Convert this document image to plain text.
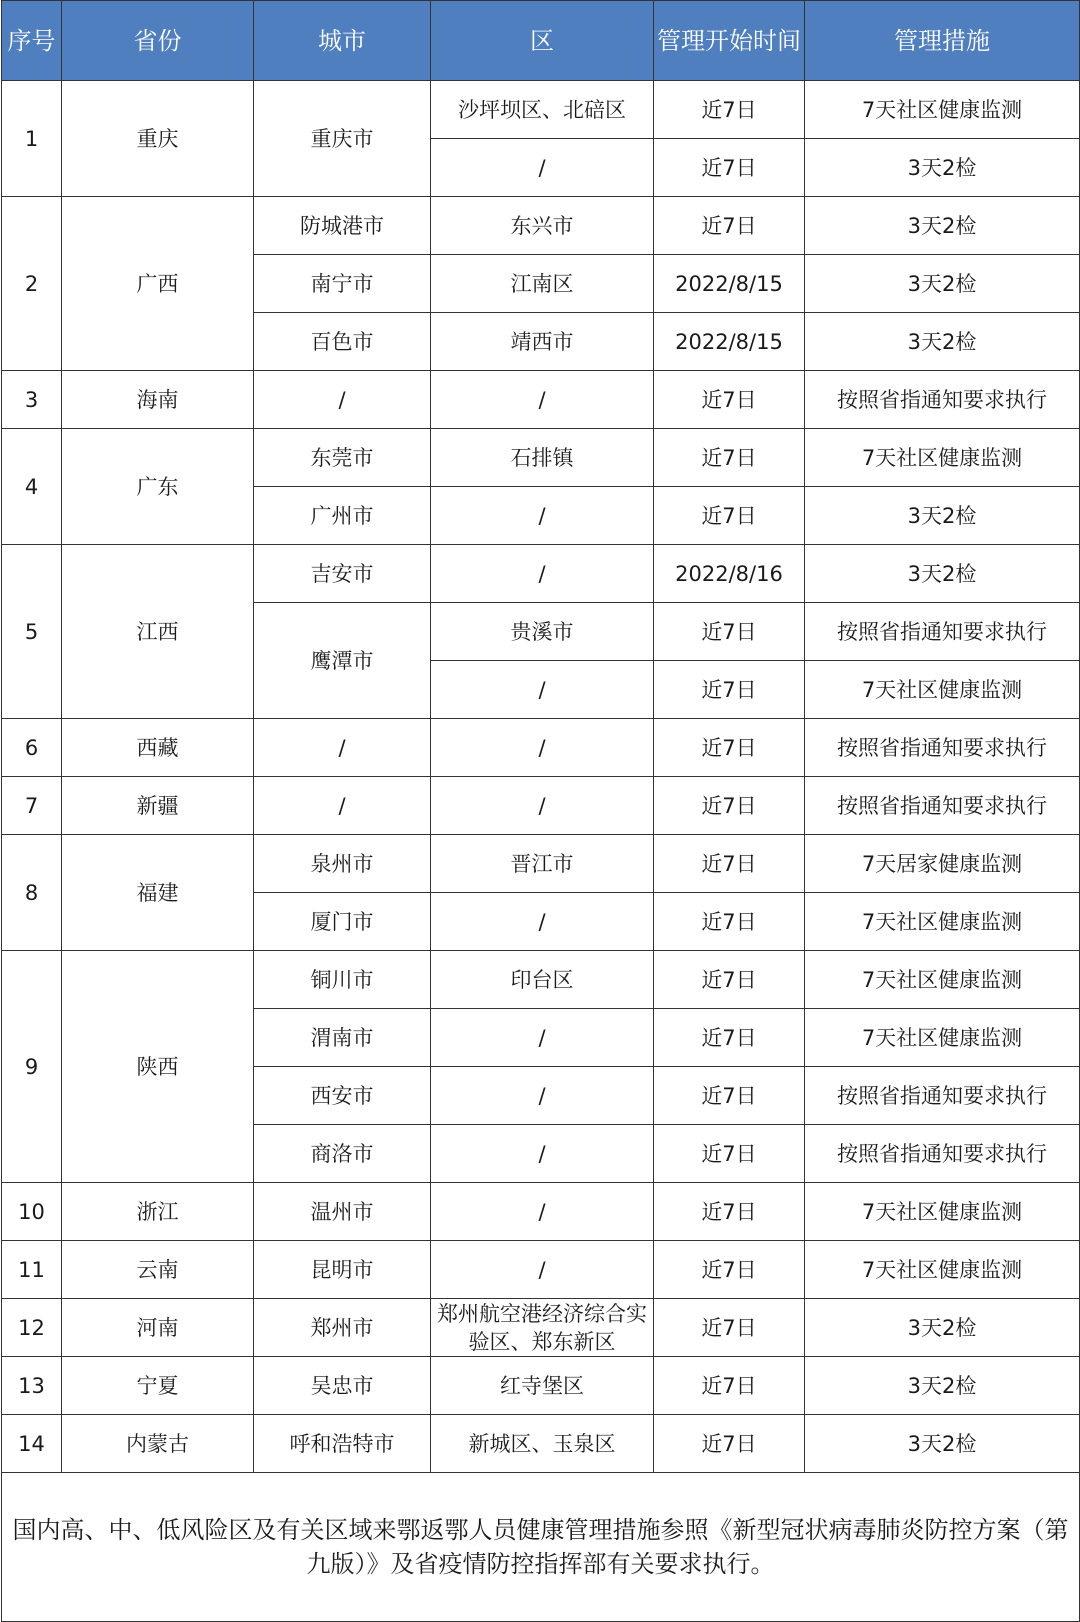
序号	省份	城市	区	管理开始时间	管理措施
1	重庆	重庆市	沙坪坝区、北碚区	近7日	7天社区健康监测
			/	近7日	3天2检
2	广西	防城港市	东兴市	近7日	3天2检
		南宁市	江南区	2022/8/15	3天2检
		百色市	靖西市	2022/8/15	3天2检
3	海南	/	/	近7日	按照省指通知要求执行
4	广东	东莞市	石排镇	近7日	7天社区健康监测
		广州市	/	近7日	3天2检
5	江西	吉安市	/	2022/8/16	3天2检
		鹰潭市	贵溪市	近7日	按照省指通知要求执行
			/	近7日	7天社区健康监测
6	西藏	/	/	近7日	按照省指通知要求执行
7	新疆	/	/	近7日	按照省指通知要求执行
8	福建	泉州市	晋江市	近7日	7天居家健康监测
		厦门市	/	近7日	7天社区健康监测
9	陕西	铜川市	印台区	近7日	7天社区健康监测
		渭南市	/	近7日	7天社区健康监测
		西安市	/	近7日	按照省指通知要求执行
		商洛市	/	近7日	按照省指通知要求执行
10	浙江	温州市	/	近7日	7天社区健康监测
11	云南	昆明市	/	近7日	7天社区健康监测
12	河南	郑州市	郑州航空港经济综合实验区、郑东新区	近7日	3天2检
13	宁夏	吴忠市	红寺堡区	近7日	3天2检
14	内蒙古	呼和浩特市	新城区、玉泉区	近7日	3天2检
国内高、中、低风险区及有关区域来鄂返鄂人员健康管理措施参照《新型冠状病毒肺炎防控方案（第九版）》及省疫情防控指挥部有关要求执行。					
